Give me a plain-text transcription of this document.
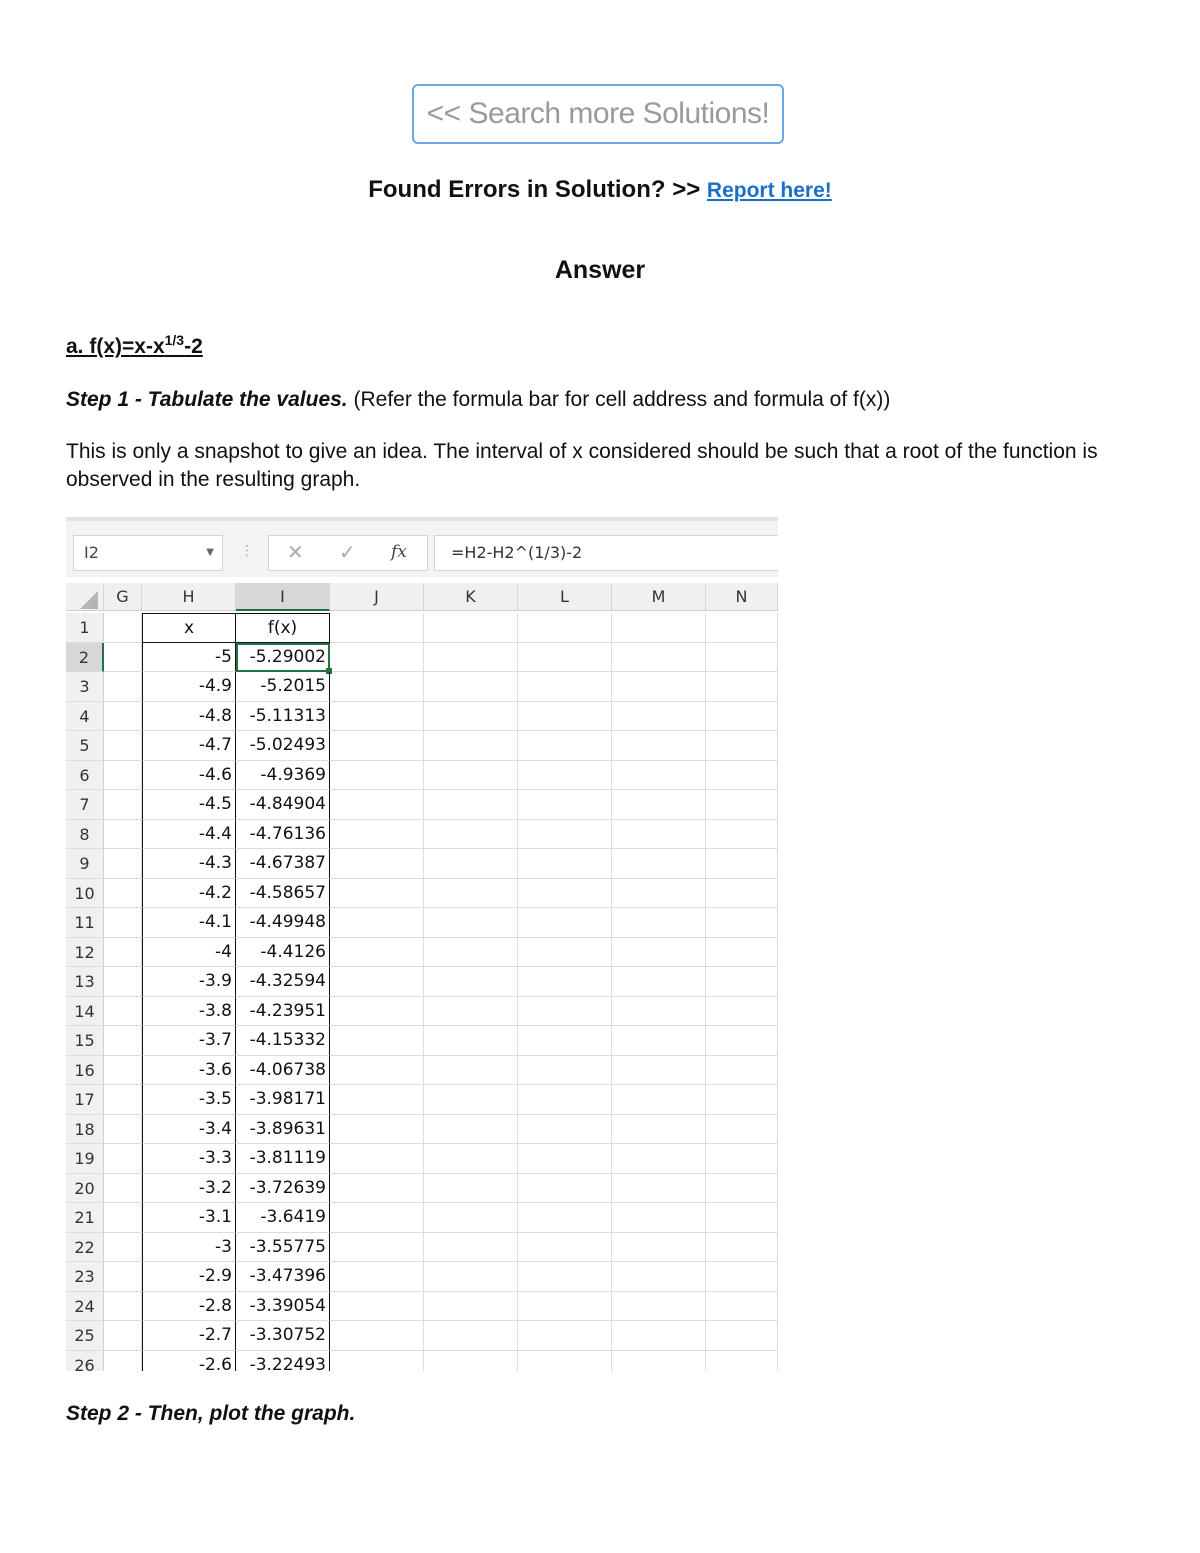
<< Search more Solutions!
Found Errors in Solution? >> Report here!
Answer
a. $f(x)=x-x^{1/3}-2$
Step 1 - Tabulate the values. (Refer the formula bar for cell address and formula of f(x))
This is only a snapshot to give an idea. The interval of x considered should be such that a root of the function is observed in the resulting graph.
I2	▼ ⋮ ✕ ✓ fx	=H2-H2^(1/3)-2
G	H	I	J	K	L	M	N
1	x	f(x)
2	-5	-5.29002
3	-4.9	-5.2015
4	-4.8	-5.11313
5	-4.7	-5.02493
6	-4.6	-4.9369
7	-4.5	-4.84904
8	-4.4	-4.76136
9	-4.3	-4.67387
10	-4.2	-4.58657
11	-4.1	-4.49948
12	-4	-4.4126
13	-3.9	-4.32594
14	-3.8	-4.23951
15	-3.7	-4.15332
16	-3.6	-4.06738
17	-3.5	-3.98171
18	-3.4	-3.89631
19	-3.3	-3.81119
20	-3.2	-3.72639
21	-3.1	-3.6419
22	-3	-3.55775
23	-2.9	-3.47396
24	-2.8	-3.39054
25	-2.7	-3.30752
26	-2.6	-3.22493
Step 2 - Then, plot the graph.
